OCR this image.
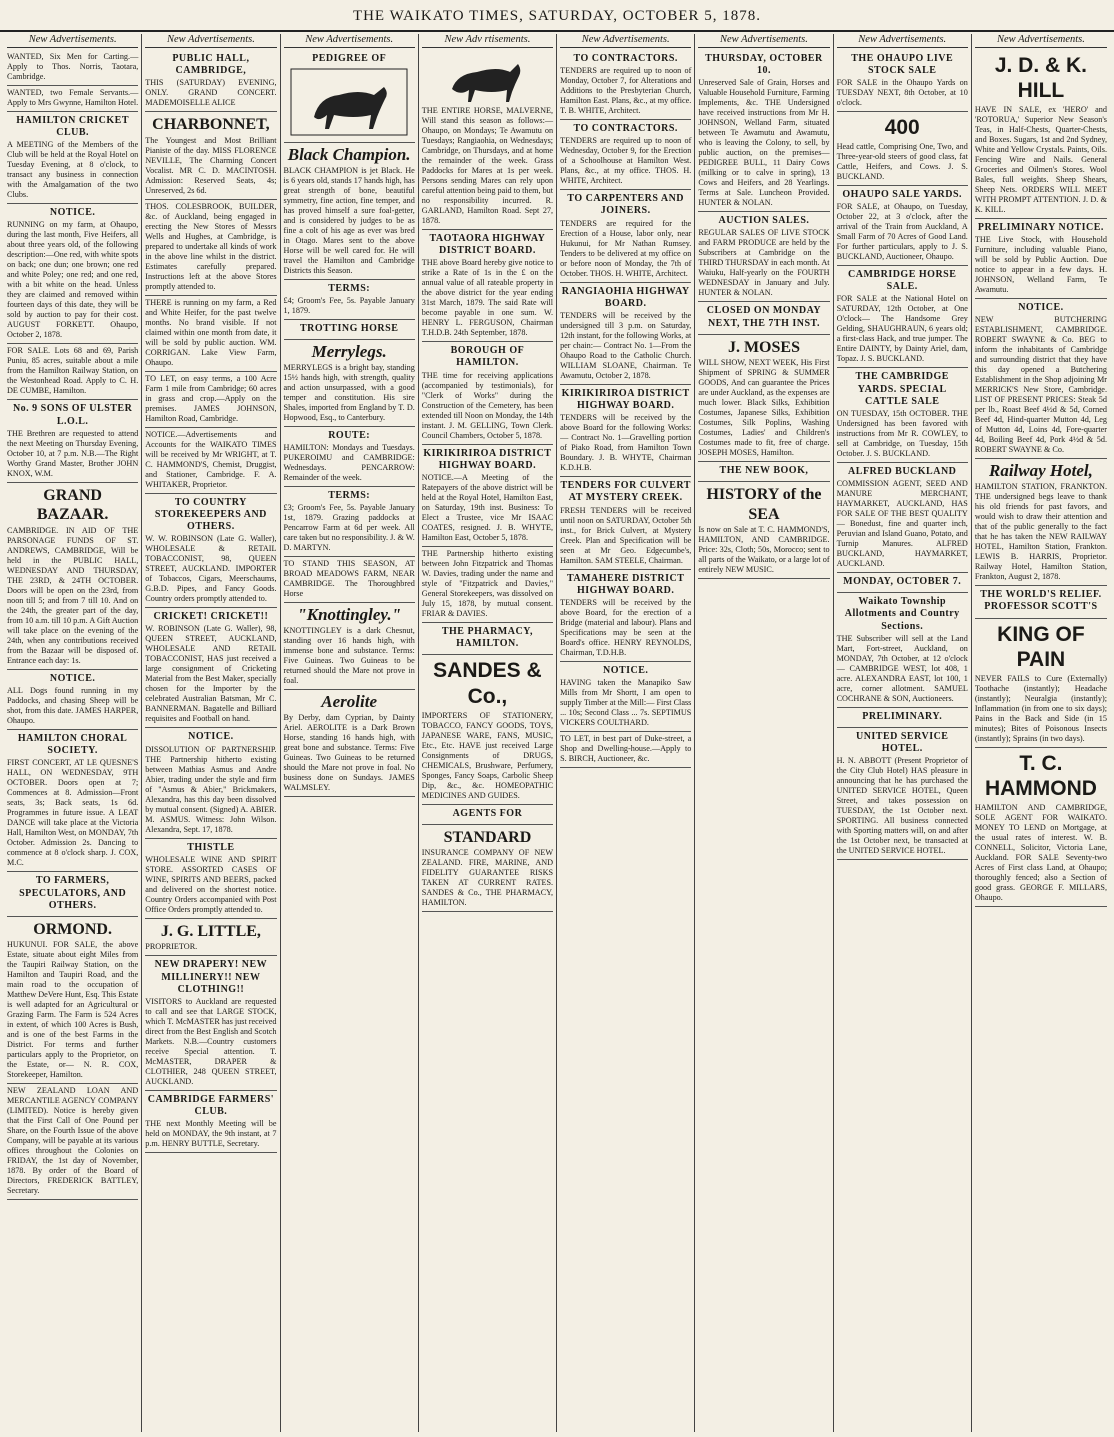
THE WAIKATO TIMES, SATURDAY, OCTOBER 5, 1878.
New Advertisements.
WANTED, Six Men for Carting.— Apply to Thos. Norris, Taotara, Cambridge.
WANTED, two Female Servants.— Apply to Mrs Gwynne, Hamilton Hotel.
HAMILTON CRICKET CLUB.
A MEETING of the Members of the Club will be held at the Royal Hotel on Tuesday Evening, at 8 o'clock, to transact any business in connection with the Amalgamation of the two Clubs.
NOTICE.
RUNNING on my farm, at Ohaupo, during the last month, Five Heifers, all about three years old, of the following description:—One red, with white spots on back; one dun; one brown; one red and white Poley; one red; and one red, with a bit white on the head. Unless they are claimed and removed within fourteen days of this date, they will be sold by auction to pay for their cost. AUGUST FORKETT. Ohaupo, October 2, 1878.
FOR SALE. Lots 68 and 69, Parish Puniu, 85 acres, suitable about a mile from the Hamilton Railway Station, on the Westonhead Road. Apply to C. H. DE CUMBE, Hamilton.
No. 9 SONS OF ULSTER L.O.L.
THE Brethren are requested to attend the next Meeting on Thursday Evening, October 10, at 7 p.m. N.B.—The Right Worthy Grand Master, Brother JOHN KNOX, W.M.
GRAND BAZAAR.
CAMBRIDGE. IN AID OF THE PARSONAGE FUNDS OF ST. ANDREWS, CAMBRIDGE, Will be held in the PUBLIC HALL, WEDNESDAY AND THURSDAY, THE 23RD, & 24TH OCTOBER. Doors will be open on the 23rd, from noon till 5; and from 7 till 10. And on the 24th, the greater part of the day, from 10 a.m. till 10 p.m. A Gift Auction will take place on the evening of the 24th, when any contributions received from the Bazaar will be disposed of. Entrance each day: 1s.
NOTICE.
ALL Dogs found running in my Paddocks, and chasing Sheep will be shot, from this date. JAMES HARPER, Ohaupo.
HAMILTON CHORAL SOCIETY.
FIRST CONCERT, AT LE QUESNE'S HALL, ON WEDNESDAY, 9TH OCTOBER. Doors open at 7; Commences at 8. Admission—Front seats, 3s; Back seats, 1s 6d. Programmes in future issue. A LEAT DANCE will take place at the Victoria Hall, Hamilton West, on MONDAY, 7th October. Admission 2s. Dancing to commence at 8 o'clock sharp. J. COX, M.C.
TO FARMERS, SPECULATORS, AND OTHERS.
ORMOND.
HUKUNUI. FOR SALE, the above Estate, situate about eight Miles from the Taupiri Railway Station, on the Hamilton and Taupiri Road, and the main road to the occupation of Matthew DeVere Hunt, Esq. This Estate is well adapted for an Agricultural or Grazing Farm. The Farm is 524 Acres in extent, of which 100 Acres is Bush, and is one of the best Farms in the District. For terms and further particulars apply to the Proprietor, on the Estate, or— N. R. COX, Storekeeper, Hamilton.
NEW ZEALAND LOAN AND MERCANTILE AGENCY COMPANY (LIMITED). Notice is hereby given that the First Call of One Pound per Share, on the Fourth Issue of the above Company, will be payable at its various offices throughout the Colonies on FRIDAY, the 1st day of November, 1878. By order of the Board of Directors, FREDERICK BATTLEY, Secretary.
New Advertisements.
PUBLIC HALL, CAMBRIDGE,
THIS (SATURDAY) EVENING, ONLY. GRAND CONCERT. MADEMOISELLE ALICE
CHARBONNET,
The Youngest and Most Brilliant Pianiste of the day. MISS FLORENCE NEVILLE, The Charming Concert Vocalist. MR C. D. MACINTOSH. Admission: Reserved Seats, 4s; Unreserved, 2s 6d.
THOS. COLESBROOK, BUILDER, &c. of Auckland, being engaged in erecting the New Stores of Messrs Wells and Hughes, at Cambridge, is prepared to undertake all kinds of work in the above line whilst in the district. Estimates carefully prepared. Instructions left at the above Stores promptly attended to.
THERE is running on my farm, a Red and White Heifer, for the past twelve months. No brand visible. If not claimed within one month from date, it will be sold by public auction. WM. CORRIGAN. Lake View Farm, Ohaupo.
TO LET, on easy terms, a 100 Acre Farm 1 mile from Cambridge; 60 acres in grass and crop.—Apply on the premises. JAMES JOHNSON, Hamilton Road, Cambridge.
NOTICE.—Advertisements and Accounts for the WAIKATO TIMES will be received by Mr WRIGHT, at T. C. HAMMOND'S, Chemist, Druggist, and Stationer, Cambridge. F. A. WHITAKER, Proprietor.
TO COUNTRY STOREKEEPERS AND OTHERS.
W. W. ROBINSON (Late G. Waller), WHOLESALE & RETAIL TOBACCONIST, 98, QUEEN STREET, AUCKLAND. IMPORTER of Tobaccos, Cigars, Meerschaums, G.B.D. Pipes, and Fancy Goods. Country orders promptly attended to.
CRICKET! CRICKET!!
W. ROBINSON (Late G. Waller), 98, QUEEN STREET, AUCKLAND, WHOLESALE AND RETAIL TOBACCONIST, HAS just received a large consignment of Cricketing Material from the Best Maker, specially chosen for the Importer by the celebrated Australian Batsman, Mr C. BANNERMAN. Bagatelle and Billiard requisites and Football on hand.
NOTICE.
DISSOLUTION OF PARTNERSHIP. THE Partnership hitherto existing between Mathias Asmus and Andre Abier, trading under the style and firm of "Asmus & Abier," Brickmakers, Alexandra, has this day been dissolved by mutual consent. (Signed) A. ABIER. M. ASMUS. Witness: John Wilson. Alexandra, Sept. 17, 1878.
THISTLE
WHOLESALE WINE AND SPIRIT STORE. ASSORTED CASES OF WINE, SPIRITS AND BEERS, packed and delivered on the shortest notice. Country Orders accompanied with Post Office Orders promptly attended to.
J. G. LITTLE,
PROPRIETOR.
NEW DRAPERY! NEW MILLINERY!! NEW CLOTHING!!
VISITORS to Auckland are requested to call and see that LARGE STOCK, which T. McMASTER has just received direct from the Best English and Scotch Markets. N.B.—Country customers receive Special attention. T. McMASTER, DRAPER & CLOTHIER, 248 QUEEN STREET, AUCKLAND.
CAMBRIDGE FARMERS' CLUB.
THE next Monthly Meeting will be held on MONDAY, the 9th instant, at 7 p.m. HENRY BUTTLE, Secretary.
New Advertisements.
PEDIGREE OF
Black Champion.
BLACK CHAMPION is jet Black. He is 6 years old, stands 17 hands high, has great strength of bone, beautiful symmetry, fine action, fine temper, and has proved himself a sure foal-getter, and is considered by judges to be as fine a colt of his age as ever was bred in Otago. Mares sent to the above Horse will be well cared for. He will travel the Hamilton and Cambridge Districts this Season.
TERMS:
£4; Groom's Fee, 5s. Payable January 1, 1879.
TROTTING HORSE
Merrylegs.
MERRYLEGS is a bright bay, standing 15½ hands high, with strength, quality and action unsurpassed, with a good temper and constitution. His sire Shales, imported from England by T. D. Hopwood, Esq., to Canterbury.
ROUTE:
HAMILTON: Mondays and Tuesdays. PUKEROIMU and CAMBRIDGE: Wednesdays. PENCARROW: Remainder of the week.
TERMS:
£3; Groom's Fee, 5s. Payable January 1st, 1879. Grazing paddocks at Pencarrow Farm at 6d per week. All care taken but no responsibility. J. & W. D. MARTYN.
TO STAND THIS SEASON, AT BROAD MEADOWS FARM, NEAR CAMBRIDGE. The Thoroughbred Horse
"Knottingley."
KNOTTINGLEY is a dark Chesnut, standing over 16 hands high, with immense bone and substance. Terms: Five Guineas. Two Guineas to be returned should the Mare not prove in foal.
Aerolite
By Derby, dam Cyprian, by Dainty Ariel. AEROLITE is a Dark Brown Horse, standing 16 hands high, with great bone and substance. Terms: Five Guineas. Two Guineas to be returned should the Mare not prove in foal. No business done on Sundays. JAMES WALMSLEY.
New Adv rtisements.
THE ENTIRE HORSE, MALVERNE, Will stand this season as follows:— Ohaupo, on Mondays; Te Awamutu on Tuesdays; Rangiaohia, on Wednesdays; Cambridge, on Thursdays, and at home the remainder of the week. Grass Paddocks for Mares at 1s per week. Persons sending Mares can rely upon careful attention being paid to them, but no responsibility incurred. R. GARLAND, Hamilton Road. Sept 27, 1878.
TAOTAORA HIGHWAY DISTRICT BOARD.
THE above Board hereby give notice to strike a Rate of 1s in the £ on the annual value of all rateable property in the above district for the year ending 31st March, 1879. The said Rate will become payable in one sum. W. HENRY L. FERGUSON, Chairman T.H.D.B. 24th September, 1878.
BOROUGH OF HAMILTON.
THE time for receiving applications (accompanied by testimonials), for "Clerk of Works" during the Construction of the Cemetery, has been extended till Noon on Monday, the 14th instant. J. M. GELLING, Town Clerk. Council Chambers, October 5, 1878.
KIRIKIRIROA DISTRICT HIGHWAY BOARD.
NOTICE.—A Meeting of the Ratepayers of the above district will be held at the Royal Hotel, Hamilton East, on Saturday, 19th inst. Business: To Elect a Trustee, vice Mr ISAAC COATES, resigned. J. B. WHYTE, Hamilton East, October 5, 1878.
THE Partnership hitherto existing between John Fitzpatrick and Thomas W. Davies, trading under the name and style of "Fitzpatrick and Davies," General Storekeepers, was dissolved on July 15, 1878, by mutual consent. FRIAR & DAVIES.
THE PHARMACY, HAMILTON.
SANDES & Co.,
IMPORTERS OF STATIONERY, TOBACCO, FANCY GOODS, TOYS, JAPANESE WARE, FANS, MUSIC, Etc., Etc. HAVE just received Large Consignments of DRUGS, CHEMICALS, Brushware, Perfumery, Sponges, Fancy Soaps, Carbolic Sheep Dip, &c., &c. HOMEOPATHIC MEDICINES AND GUIDES.
AGENTS FOR
STANDARD
INSURANCE COMPANY OF NEW ZEALAND. FIRE, MARINE, AND FIDELITY GUARANTEE RISKS TAKEN AT CURRENT RATES. SANDES & Co., THE PHARMACY, HAMILTON.
New Advertisements.
TO CONTRACTORS.
TENDERS are required up to noon of Monday, October 7, for Alterations and Additions to the Presbyterian Church, Hamilton East. Plans, &c., at my office. T. B. WHITE, Architect.
TO CONTRACTORS.
TENDERS are required up to noon of Wednesday, October 9, for the Erection of a Schoolhouse at Hamilton West. Plans, &c., at my office. THOS. H. WHITE, Architect.
TO CARPENTERS AND JOINERS.
TENDERS are required for the Erection of a House, labor only, near Hukunui, for Mr Nathan Rumsey. Tenders to be delivered at my office on or before noon of Monday, the 7th of October. THOS. H. WHITE, Architect.
RANGIAOHIA HIGHWAY BOARD.
TENDERS will be received by the undersigned till 3 p.m. on Saturday, 12th instant, for the following Works, at per chain:— Contract No. 1—From the Ohaupo Road to the Catholic Church. WILLIAM SLOANE, Chairman. Te Awamutu, October 2, 1878.
KIRIKIRIROA DISTRICT HIGHWAY BOARD.
TENDERS will be received by the above Board for the following Works:— Contract No. 1—Gravelling portion of Piako Road, from Hamilton Town Boundary. J. B. WHYTE, Chairman K.D.H.B.
TENDERS FOR CULVERT AT MYSTERY CREEK.
FRESH TENDERS will be received until noon on SATURDAY, October 5th inst., for Brick Culvert, at Mystery Creek. Plan and Specification will be seen at Mr Geo. Edgecumbe's, Hamilton. SAM STEELE, Chairman.
TAMAHERE DISTRICT HIGHWAY BOARD.
TENDERS will be received by the above Board, for the erection of a Bridge (material and labour). Plans and Specifications may be seen at the Board's office. HENRY REYNOLDS, Chairman, T.D.H.B.
NOTICE.
HAVING taken the Manapiko Saw Mills from Mr Shortt, I am open to supply Timber at the Mill:— First Class ... 10s; Second Class ... 7s. SEPTIMUS VICKERS COULTHARD.
TO LET, in best part of Duke-street, a Shop and Dwelling-house.—Apply to S. BIRCH, Auctioneer, &c.
New Advertisements.
THURSDAY, OCTOBER 10.
Unreserved Sale of Grain, Horses and Valuable Household Furniture, Farming Implements, &c. THE Undersigned have received instructions from Mr H. JOHNSON, Welland Farm, situated between Te Awamutu and Awamutu, who is leaving the Colony, to sell, by public auction, on the premises— PEDIGREE BULL, 11 Dairy Cows (milking or to calve in spring), 13 Cows and Heifers, and 28 Yearlings. Terms at Sale. Luncheon Provided. HUNTER & NOLAN.
AUCTION SALES.
REGULAR SALES OF LIVE STOCK and FARM PRODUCE are held by the Subscribers at Cambridge on the THIRD THURSDAY in each month. At Waiuku, Half-yearly on the FOURTH WEDNESDAY in January and July. HUNTER & NOLAN.
CLOSED ON MONDAY NEXT, THE 7TH INST.
J. MOSES
WILL SHOW, NEXT WEEK, His First Shipment of SPRING & SUMMER GOODS, And can guarantee the Prices are under Auckland, as the expenses are much lower. Black Silks, Exhibition Costumes, Japanese Silks, Exhibition Costumes, Silk Poplins, Washing Costumes, Ladies' and Children's Costumes made to fit, free of charge. JOSEPH MOSES, Hamilton.
THE NEW BOOK,
HISTORY of the SEA
Is now on Sale at T. C. HAMMOND'S, HAMILTON, AND CAMBRIDGE. Price: 32s, Cloth; 50s, Morocco; sent to all parts of the Waikato, or a large lot of entirely NEW MUSIC.
New Advertisements.
THE OHAUPO LIVE STOCK SALE
FOR SALE in the Ohaupo Yards on TUESDAY NEXT, 8th October, at 10 o'clock.
400
Head cattle, Comprising One, Two, and Three-year-old steers of good class, fat Cattle, Heifers, and Cows. J. S. BUCKLAND.
OHAUPO SALE YARDS.
FOR SALE, at Ohaupo, on Tuesday, October 22, at 3 o'clock, after the arrival of the Train from Auckland, A Small Farm of 70 Acres of Good Land. For further particulars, apply to J. S. BUCKLAND, Auctioneer, Ohaupo.
CAMBRIDGE HORSE SALE.
FOR SALE at the National Hotel on SATURDAY, 12th October, at One O'clock— The Handsome Grey Gelding, SHAUGHRAUN, 6 years old; a first-class Hack, and true jumper. The Entire DAINTY, by Dainty Ariel, dam, Topaz. J. S. BUCKLAND.
THE CAMBRIDGE YARDS. SPECIAL CATTLE SALE
ON TUESDAY, 15th OCTOBER. THE Undersigned has been favored with instructions from Mr R. COWLEY, to sell at Cambridge, on Tuesday, 15th October. J. S. BUCKLAND.
ALFRED BUCKLAND
COMMISSION AGENT, SEED AND MANURE MERCHANT, HAYMARKET, AUCKLAND, HAS FOR SALE OF THE BEST QUALITY— Bonedust, fine and quarter inch, Peruvian and Island Guano, Potato, and Turnip Manures. ALFRED BUCKLAND, HAYMARKET, AUCKLAND.
MONDAY, OCTOBER 7.
Waikato Township Allotments and Country Sections.
THE Subscriber will sell at the Land Mart, Fort-street, Auckland, on MONDAY, 7th October, at 12 o'clock— CAMBRIDGE WEST, lot 408, 1 acre. ALEXANDRA EAST, lot 100, 1 acre, corner allotment. SAMUEL COCHRANE & SON, Auctioneers.
PRELIMINARY.
UNITED SERVICE HOTEL.
H. N. ABBOTT (Present Proprietor of the City Club Hotel) HAS pleasure in announcing that he has purchased the UNITED SERVICE HOTEL, Queen Street, and takes possession on TUESDAY, the 1st October next. SPORTING. All business connected with Sporting matters will, on and after the 1st October next, be transacted at the UNITED SERVICE HOTEL.
New Advertisements.
J. D. & K. HILL
HAVE IN SALE, ex 'HERO' and 'ROTORUA,' Superior New Season's Teas, in Half-Chests, Quarter-Chests, and Boxes. Sugars, 1st and 2nd Sydney, White and Yellow Crystals. Paints, Oils. Fencing Wire and Nails. General Groceries and Oilmen's Stores. Wool Bales, full weights. Sheep Shears, Sheep Nets. ORDERS WILL MEET WITH PROMPT ATTENTION. J. D. & K. KILL.
PRELIMINARY NOTICE.
THE Live Stock, with Household Furniture, including valuable Piano, will be sold by Public Auction. Due notice to appear in a few days. H. JOHNSON, Welland Farm, Te Awamutu.
NOTICE.
NEW BUTCHERING ESTABLISHMENT, CAMBRIDGE. ROBERT SWAYNE & Co. BEG to inform the inhabitants of Cambridge and surrounding district that they have this day opened a Butchering Establishment in the Shop adjoining Mr MERRICK'S New Store, Cambridge. LIST OF PRESENT PRICES: Steak 5d per lb., Roast Beef 4½d & 5d, Corned Beef 4d, Hind-quarter Mutton 4d, Leg of Mutton 4d, Loins 4d, Fore-quarter 4d, Boiling Beef 4d, Pork 4½d & 5d. ROBERT SWAYNE & Co.
Railway Hotel,
HAMILTON STATION, FRANKTON. THE undersigned begs leave to thank his old friends for past favors, and would wish to draw their attention and that of the public generally to the fact that he has taken the NEW RAILWAY HOTEL, Hamilton Station, Frankton. LEWIS B. HARRIS, Proprietor. Railway Hotel, Hamilton Station, Frankton, August 2, 1878.
THE WORLD'S RELIEF. PROFESSOR SCOTT'S
KING OF PAIN
NEVER FAILS to Cure (Externally) Toothache (instantly); Headache (instantly); Neuralgia (instantly); Inflammation (in from one to six days); Pains in the Back and Side (in 15 minutes); Bites of Poisonous Insects (instantly); Sprains (in two days).
T. C. HAMMOND
HAMILTON AND CAMBRIDGE, SOLE AGENT FOR WAIKATO. MONEY TO LEND on Mortgage, at the usual rates of interest. W. B. CONNELL, Solicitor, Victoria Lane, Auckland. FOR SALE Seventy-two Acres of First class Land, at Ohaupo; thoroughly fenced; also a Section of good grass. GEORGE F. MILLARS, Ohaupo.
